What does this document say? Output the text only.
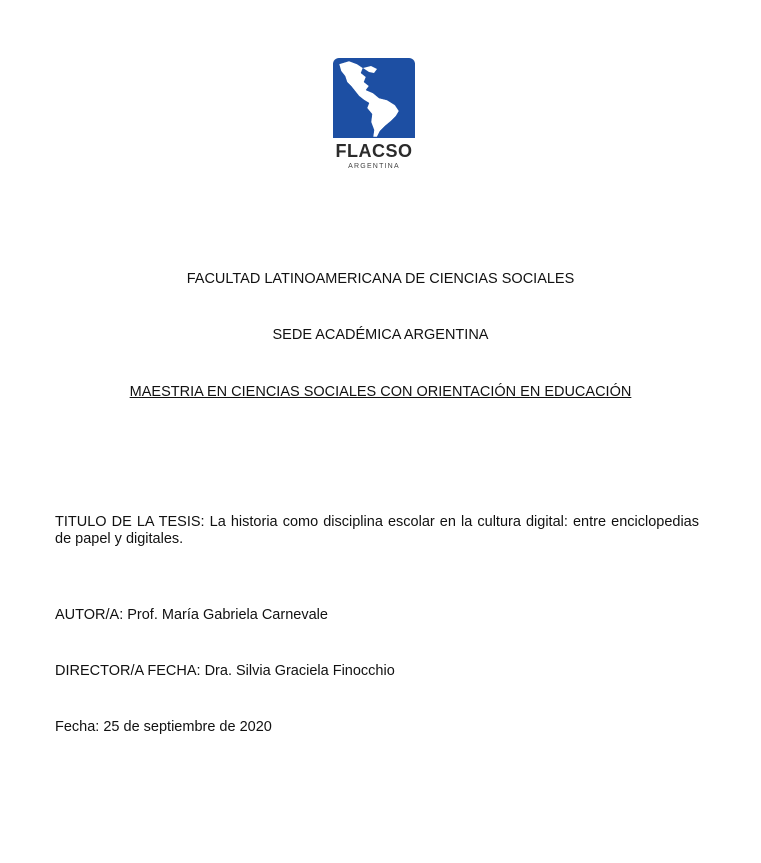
FLACSO
ARGENTINA
FACULTAD LATINOAMERICANA DE CIENCIAS SOCIALES
SEDE ACADÉMICA ARGENTINA
MAESTRIA EN CIENCIAS SOCIALES CON ORIENTACIÓN EN EDUCACIÓN
TITULO DE LA TESIS: La historia como disciplina escolar en la cultura digital: entre enciclopedias de papel y digitales.
AUTOR/A: Prof. María Gabriela Carnevale
DIRECTOR/A FECHA: Dra. Silvia Graciela Finocchio
Fecha: 25 de septiembre de 2020
